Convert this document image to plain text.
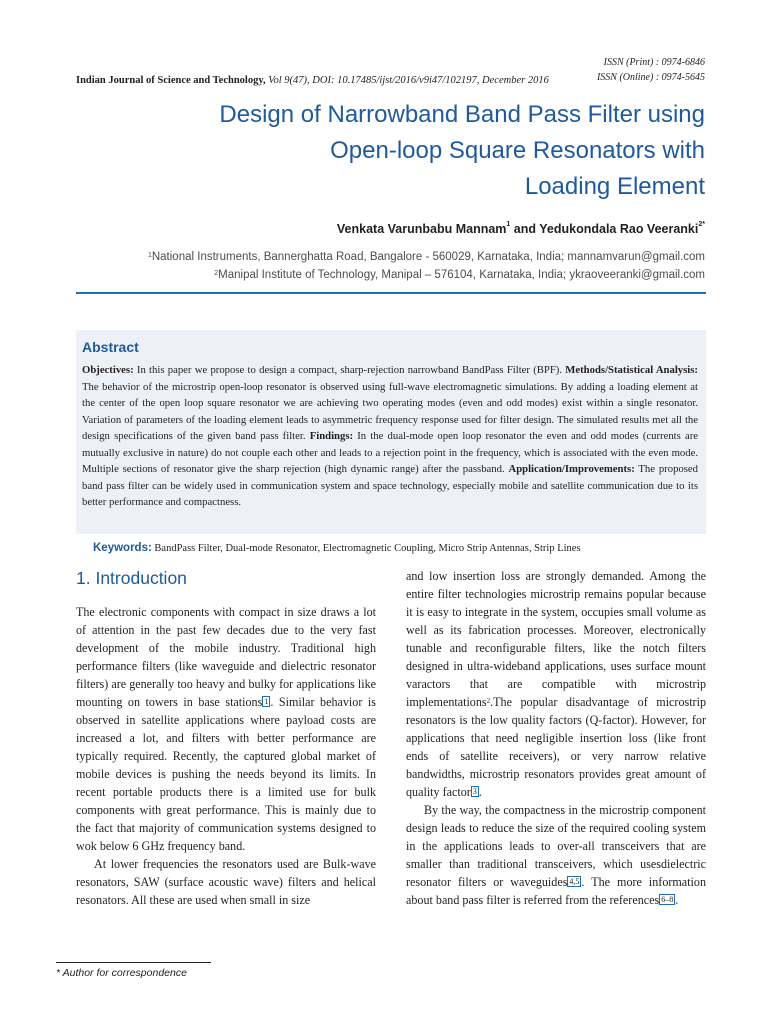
ISSN (Print) : 0974-6846
ISSN (Online) : 0974-5645
Indian Journal of Science and Technology, Vol 9(47), DOI: 10.17485/ijst/2016/v9i47/102197, December 2016
Design of Narrowband Band Pass Filter using
Open-loop Square Resonators with
Loading Element
Venkata Varunbabu Mannam$^1$ and Yedukondala Rao Veeranki$^{2*}$
$^1$National Instruments, Bannerghatta Road, Bangalore - 560029, Karnataka, India; mannamvarun@gmail.com
$^2$Manipal Institute of Technology, Manipal – 576104, Karnataka, India; ykraoveeranki@gmail.com
Abstract
Objectives: In this paper we propose to design a compact, sharp-rejection narrowband BandPass Filter (BPF). Methods/Statistical Analysis: The behavior of the microstrip open-loop resonator is observed using full-wave electromagnetic simulations. By adding a loading element at the center of the open loop square resonator we are achieving two operating modes (even and odd modes) exist within a single resonator. Variation of parameters of the loading element leads to asymmetric frequency response used for filter design. The simulated results met all the design specifications of the given band pass filter. Findings: In the dual-mode open loop resonator the even and odd modes (currents are mutually exclusive in nature) do not couple each other and leads to a rejection point in the frequency, which is associated with the even mode. Multiple sections of resonator give the sharp rejection (high dynamic range) after the passband. Application/Improvements: The proposed band pass filter can be widely used in communication system and space technology, especially mobile and satellite communication due to its better performance and compactness.
Keywords: BandPass Filter, Dual-mode Resonator, Electromagnetic Coupling, Micro Strip Antennas, Strip Lines
1. Introduction

The electronic components with compact in size draws a lot of attention in the past few decades due to the very fast development of the mobile industry. Traditional high performance filters (like waveguide and dielectric resonator filters) are generally too heavy and bulky for applications like mounting on towers in base stations $^1$ . Similar behavior is observed in satellite applications where payload costs are increased a lot, and filters with better performance are typically required. Recently, the captured global market of mobile devices is pushing the needs beyond its limits. In recent portable products there is a limited use for bulk components with great performance. This is mainly due to the fact that majority of communication systems designed to wok below 6 GHz frequency band.

At lower frequencies the resonators used are Bulk-wave resonators, SAW (surface acoustic wave) filters and helical resonators. All these are used when small in size

and low insertion loss are strongly demanded. Among the entire filter technologies microstrip remains popular because it is easy to integrate in the system, occupies small volume as well as its fabrication processes. Moreover, electronically tunable and reconfigurable filters, like the notch filters designed in ultra-wideband applications, uses surface mount varactors that are compatible with microstrip implementations$^2$.The popular disadvantage of microstrip resonators is the low quality factors (Q-factor). However, for applications that need negligible insertion loss (like front ends of satellite receivers), or very narrow relative bandwidths, microstrip resonators provides great amount of quality factor $^3$ .

By the way, the compactness in the microstrip component design leads to reduce the size of the required cooling system in the applications leads to over-all transceivers that are smaller than traditional transceivers, which usesdielectric resonator filters or waveguides $^{4,5}$ . The more information about band pass filter is referred from the references $^{6-8}$ .

* Author for correspondence
